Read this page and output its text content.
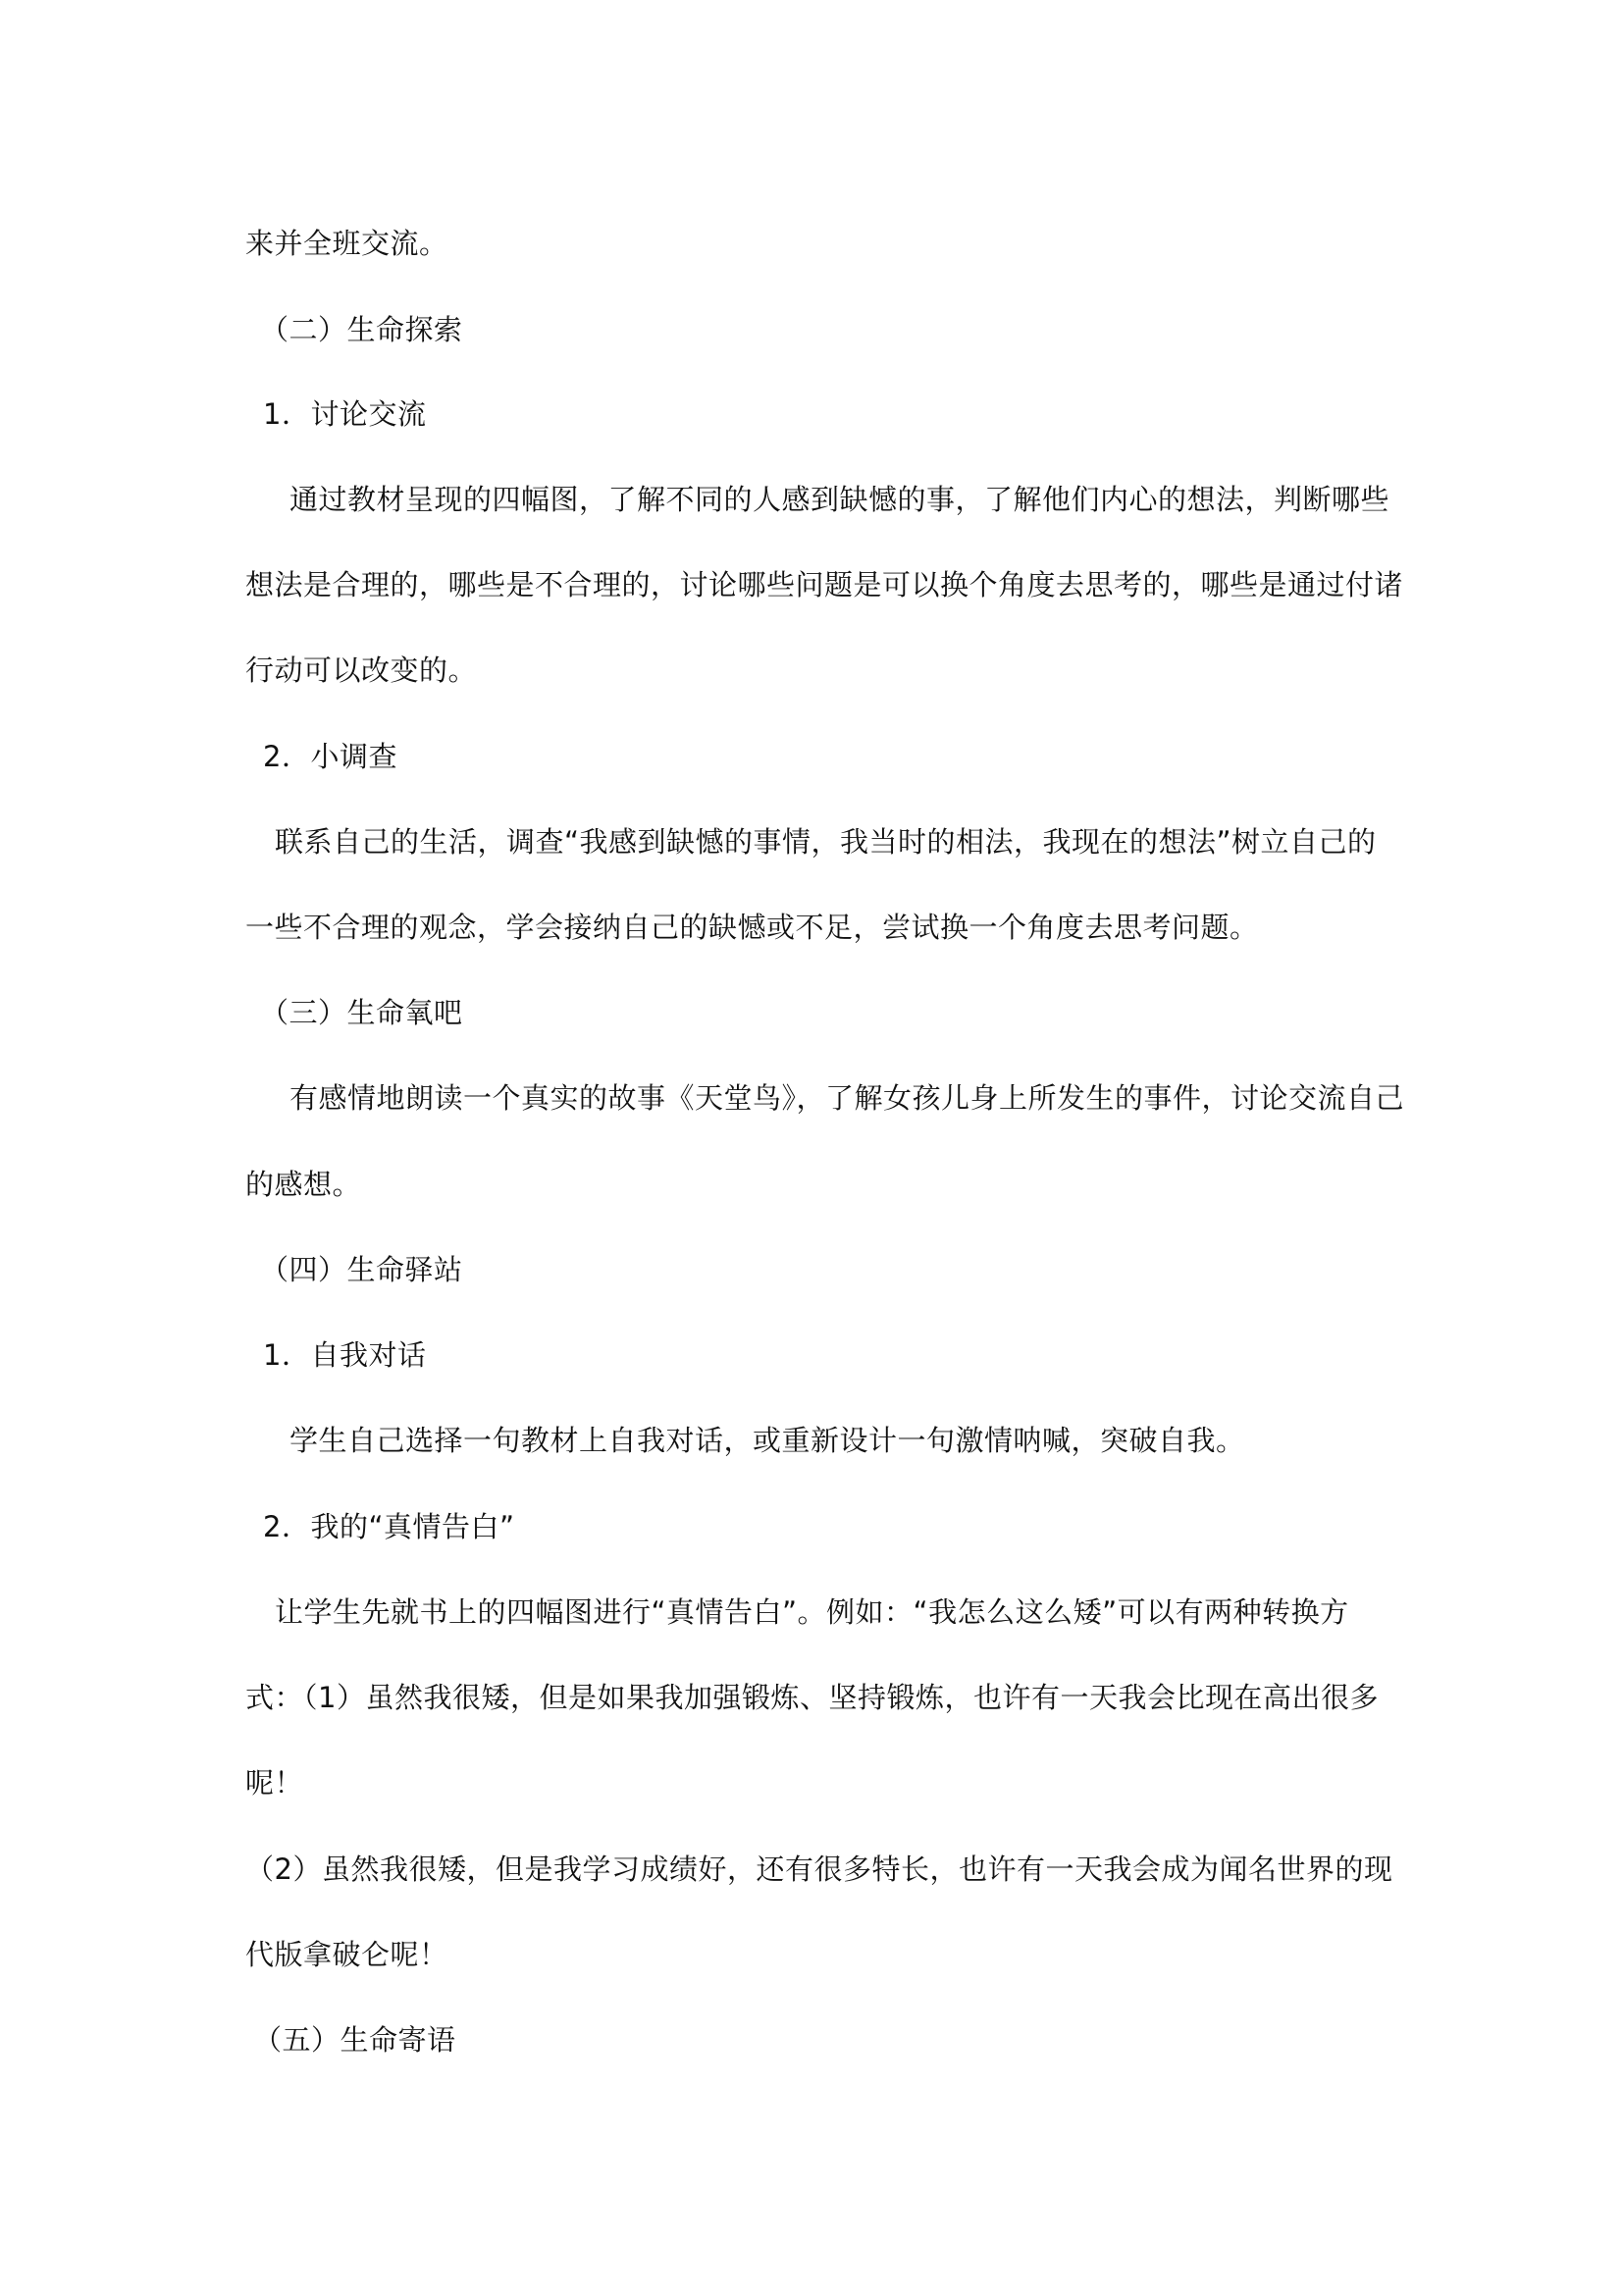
来并全班交流。
（二）生命探索
1．讨论交流
通过教材呈现的四幅图，了解不同的人感到缺憾的事，了解他们内心的想法，判断哪些
想法是合理的，哪些是不合理的，讨论哪些问题是可以换个角度去思考的，哪些是通过付诸
行动可以改变的。
2．小调查
联系自己的生活，调查“我感到缺憾的事情，我当时的相法，我现在的想法”树立自己的
一些不合理的观念，学会接纳自己的缺憾或不足，尝试换一个角度去思考问题。
（三）生命氧吧
有感情地朗读一个真实的故事《天堂鸟》，了解女孩儿身上所发生的事件，讨论交流自己
的感想。
（四）生命驿站
1．自我对话
学生自己选择一句教材上自我对话，或重新设计一句激情呐喊，突破自我。
2．我的“真情告白”
让学生先就书上的四幅图进行“真情告白”。例如：“我怎么这么矮”可以有两种转换方
式：（1）虽然我很矮，但是如果我加强锻炼、坚持锻炼，也许有一天我会比现在高出很多
呢！
（2）虽然我很矮，但是我学习成绩好，还有很多特长，也许有一天我会成为闻名世界的现
代版拿破仑呢！
（五）生命寄语
